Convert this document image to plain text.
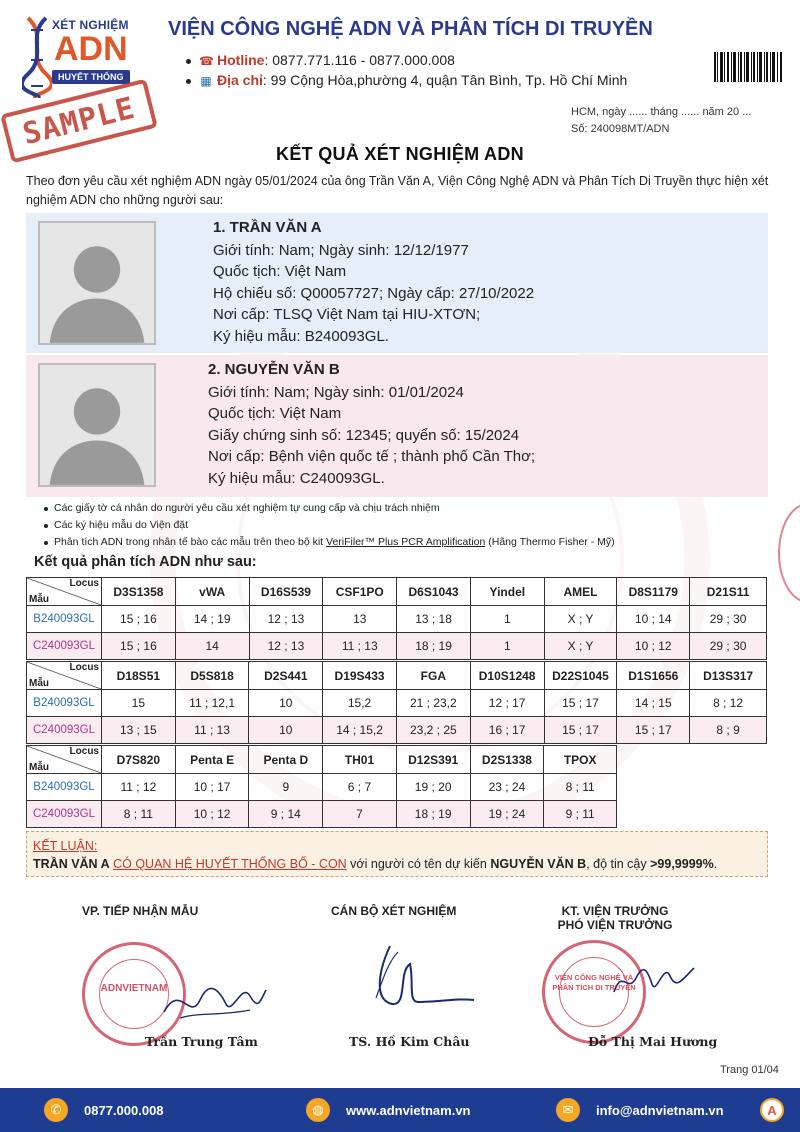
XÉT NGHIỆM
ADN
HUYẾT THỐNG
SAMPLE
VIỆN CÔNG NGHỆ ADN VÀ PHÂN TÍCH DI TRUYỀN
☎ Hotline: 0877.771.116 - 0877.000.008
▦ Địa chỉ: 99 Cộng Hòa,phường 4, quận Tân Bình, Tp. Hồ Chí Minh
HCM, ngày ...... tháng ...... năm 20 ...
Số: 240098MT/ADN
KẾT QUẢ XÉT NGHIỆM ADN
Theo đơn yêu cầu xét nghiệm ADN ngày 05/01/2024 của ông Trần Văn A, Viện Công Nghệ ADN và Phân Tích Di Truyền thực hiện xét nghiệm ADN cho những người sau:
1. TRẦN VĂN A
Giới tính: Nam; Ngày sinh: 12/12/1977
Quốc tịch: Việt Nam
Hộ chiếu số: Q00057727; Ngày cấp: 27/10/2022
Nơi cấp: TLSQ Việt Nam tại HIU-XTƠN;
Ký hiệu mẫu: B240093GL.
2. NGUYỄN VĂN B
Giới tính: Nam; Ngày sinh: 01/01/2024
Quốc tịch: Việt Nam
Giấy chứng sinh số: 12345; quyển số: 15/2024
Nơi cấp: Bệnh viện quốc tế ; thành phố Cần Thơ;
Ký hiệu mẫu: C240093GL.
Các giấy tờ cá nhân do người yêu cầu xét nghiệm tự cung cấp và chịu trách nhiệm
Các ký hiệu mẫu do Viện đặt
Phân tích ADN trong nhân tế bào các mẫu trên theo bộ kit VeriFiler™ Plus PCR Amplification (Hãng Thermo Fisher - Mỹ)
Kết quả phân tích ADN như sau:
Locus
Mẫu	D3S1358	vWA	D16S539	CSF1PO	D6S1043	Yindel	AMEL	D8S1179	D21S11
B240093GL	15 ; 16	14 ; 19	12 ; 13	13	13 ; 18	1	X ; Y	10 ; 14	29 ; 30
C240093GL	15 ; 16	14	12 ; 13	11 ; 13	18 ; 19	1	X ; Y	10 ; 12	29 ; 30
Locus
Mẫu	D18S51	D5S818	D2S441	D19S433	FGA	D10S1248	D22S1045	D1S1656	D13S317
B240093GL	15	11 ; 12,1	10	15,2	21 ; 23,2	12 ; 17	15 ; 17	14 ; 15	8 ; 12
C240093GL	13 ; 15	11 ; 13	10	14 ; 15,2	23,2 ; 25	16 ; 17	15 ; 17	15 ; 17	8 ; 9
Locus
Mẫu	D7S820	Penta E	Penta D	TH01	D12S391	D2S1338	TPOX
B240093GL	11 ; 12	10 ; 17	9	6 ; 7	19 ; 20	23 ; 24	8 ; 11
C240093GL	8 ; 11	10 ; 12	9 ; 14	7	18 ; 19	19 ; 24	9 ; 11
KẾT LUẬN:
TRẦN VĂN A CÓ QUAN HỆ HUYẾT THỐNG BỐ - CON với người có tên dự kiến NGUYỄN VĂN B, độ tin cậy >99,9999%.
VP. TIẾP NHẬN MẪU	CÁN BỘ XÉT NGHIỆM	KT. VIỆN TRƯỞNG
PHÓ VIỆN TRƯỞNG
ADNVIETNAM
VIỆN CÔNG NGHỆ VÀ PHÂN TÍCH DI TRUYỀN
Trần Trung Tâm	TS. Hồ Kim Châu	Đỗ Thị Mai Hương
Trang 01/04
✆	0877.000.008	◍	www.adnvietnam.vn	✉	info@adnvietnam.vn	A
